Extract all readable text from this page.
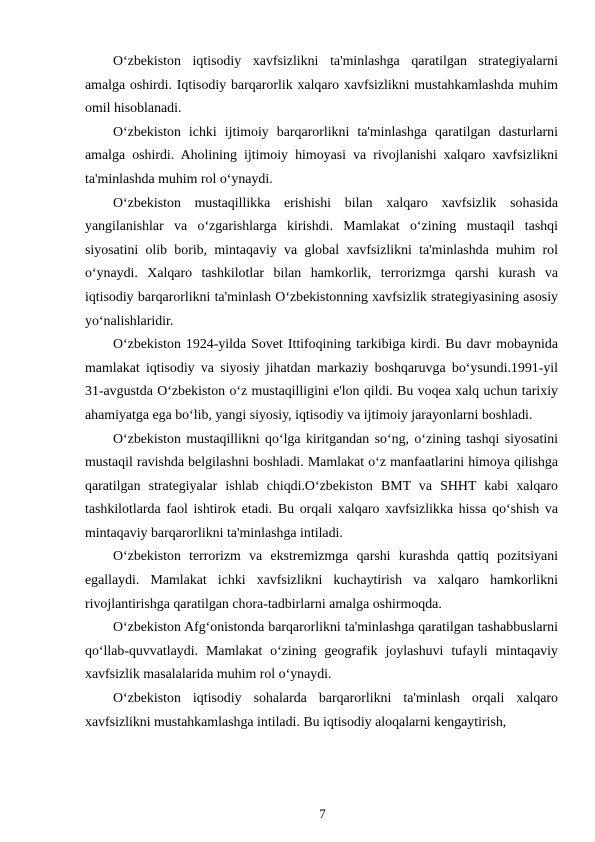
O‘zbekiston iqtisodiy xavfsizlikni ta'minlashga qaratilgan strategiyalarni amalga oshirdi. Iqtisodiy barqarorlik xalqaro xavfsizlikni mustahkamlashda muhim omil hisoblanadi.

O‘zbekiston ichki ijtimoiy barqarorlikni ta'minlashga qaratilgan dasturlarni amalga oshirdi. Aholining ijtimoiy himoyasi va rivojlanishi xalqaro xavfsizlikni ta'minlashda muhim rol o‘ynaydi.

O‘zbekiston mustaqillikka erishishi bilan xalqaro xavfsizlik sohasida yangilanishlar va o‘zgarishlarga kirishdi. Mamlakat o‘zining mustaqil tashqi siyosatini olib borib, mintaqaviy va global xavfsizlikni ta'minlashda muhim rol o‘ynaydi. Xalqaro tashkilotlar bilan hamkorlik, terrorizmga qarshi kurash va iqtisodiy barqarorlikni ta'minlash O‘zbekistonning xavfsizlik strategiyasining asosiy yo‘nalishlaridir.

O‘zbekiston 1924-yilda Sovet Ittifoqining tarkibiga kirdi. Bu davr mobaynida mamlakat iqtisodiy va siyosiy jihatdan markaziy boshqaruvga bo‘ysundi.1991-yil 31-avgustda O‘zbekiston o‘z mustaqilligini e'lon qildi. Bu voqea xalq uchun tarixiy ahamiyatga ega bo‘lib, yangi siyosiy, iqtisodiy va ijtimoiy jarayonlarni boshladi.

O‘zbekiston mustaqillikni qo‘lga kiritgandan so‘ng, o‘zining tashqi siyosatini mustaqil ravishda belgilashni boshladi. Mamlakat o‘z manfaatlarini himoya qilishga qaratilgan strategiyalar ishlab chiqdi.O‘zbekiston BMT va SHHT kabi xalqaro tashkilotlarda faol ishtirok etadi. Bu orqali xalqaro xavfsizlikka hissa qo‘shish va mintaqaviy barqarorlikni ta'minlashga intiladi.

O‘zbekiston terrorizm va ekstremizmga qarshi kurashda qattiq pozitsiyani egallaydi. Mamlakat ichki xavfsizlikni kuchaytirish va xalqaro hamkorlikni rivojlantirishga qaratilgan chora-tadbirlarni amalga oshirmoqda.

O‘zbekiston Afg‘onistonda barqarorlikni ta'minlashga qaratilgan tashabbuslarni qo‘llab-quvvatlaydi. Mamlakat o‘zining geografik joylashuvi tufayli mintaqaviy xavfsizlik masalalarida muhim rol o‘ynaydi.

O‘zbekiston iqtisodiy sohalarda barqarorlikni ta'minlash orqali xalqaro xavfsizlikni mustahkamlashga intiladi. Bu iqtisodiy aloqalarni kengaytirish,

7
